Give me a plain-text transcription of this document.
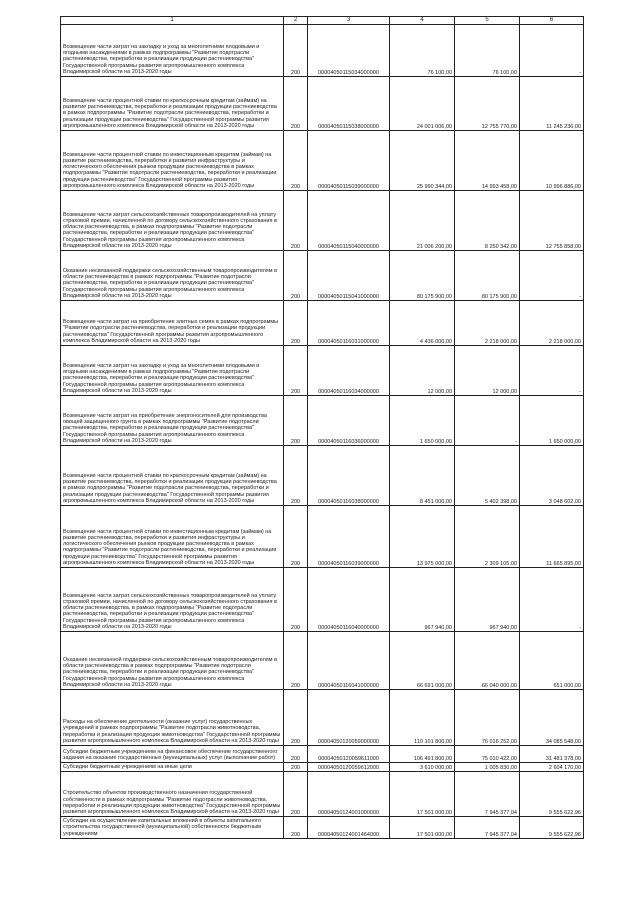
1	2	3	4	5	6
Возмещение части затрат на закладку и уход за многолетними плодовыми и ягодными насаждениями в рамках подпрограммы "Развитие подотрасли растениеводства, переработки и реализации продукции растениеводства" Государственной программы развития агропромышленного комплекса Владимирской области на 2013-2020 годы	200	00004050115034000000	76 100,00	76 100,00	-
Возмещение части процентной ставки по краткосрочным кредитам (займам) на развитие растениеводства, переработки и реализации продукции растениеводства в рамках подпрограммы "Развитие подотрасли растениеводства, переработки и реализации продукции растениеводства" Государственной программы развития агропромышленного комплекса Владимирской области на 2013-2020 годы	200	00004050115038000000	24 001 006,00	12 755 770,00	11 245 236,00
Возмещение части процентной ставки по инвестиционным кредитам (займам) на развитие растениеводства, переработки и развития инфраструктуры и логистического обеспечения рынков продукции растениеводства в рамках подпрограммы "Развитие подотрасли растениеводства, переработки и реализации продукции растениеводства" Государственной программы развития агропромышленного комплекса Владимирской области на 2013-2020 годы	200	00004050115039000000	25 990 344,00	14 993 458,00	10 996 886,00
Возмещение части затрат сельскохозяйственных товаропроизводителей на уплату страховой премии, начисленной по договору сельскохозяйственного страхования в области растениеводства, в рамках подпрограммы "Развитие подотрасли растениеводства, переработки и реализации продукции растениеводства" Государственной программы развития агропромышленного комплекса Владимирской области на 2013-2020 годы	200	00004050115040000000	21 006 200,00	8 250 342,00	12 755 858,00
Оказание несвязанной поддержки сельскохозяйственным товаропроизводителям в области растениеводства в рамках подпрограммы "Развитие подотрасли растениеводства, переработки и реализации продукции растениеводства" Государственной программы развития агропромышленного комплекса Владимирской области на 2013-2020 годы	200	00004050115041000000	80 175 900,00	80 175 900,00	-
Возмещение части затрат на приобретение элитных семян в рамках подпрограммы "Развитие подотрасли растениеводства, переработки и реализации продукции растениеводства" Государственной программы развития агропромышленного комплекса Владимирской области на 2013-2020 годы	200	00004050116031000000	4 436 000,00	2 218 000,00	2 218 000,00
Возмещение части затрат на закладку и уход за многолетними плодовыми и ягодными насаждениями в рамках подпрограммы "Развитие подотрасли растениеводства, переработки и реализации продукции растениеводства" Государственной программы развития агропромышленного комплекса Владимирской области на 2013-2020 годы	200	00004050116034000000	12 000,00	12 000,00	-
Возмещение части затрат на приобретение энергоносителей для производства овощей защищенного грунта в рамках подпрограммы "Развитие подотрасли растениеводства, переработки и реализации продукции растениеводства" Государственной программы развития агропромышленного комплекса Владимирской области на 2013-2020 годы	200	00004050116036000000	1 650 000,00	-	1 650 000,00
Возмещение части процентной ставки по краткосрочным кредитам (займам) на развитие растениеводства, переработки и реализации продукции растениеводства в рамках подпрограммы "Развитие подотрасли растениеводства, переработки и реализации продукции растениеводства" Государственной программы развития агропромышленного комплекса Владимирской области на 2013-2020 годы	200	00004050116038000000	8 451 000,00	5 402 398,00	3 048 602,00
Возмещение части процентной ставки по инвестиционным кредитам (займам) на развитие растениеводства, переработки и развития инфраструктуры и логистического обеспечения рынков продукции растениеводства в рамках подпрограммы "Развитие подотрасли растениеводства, переработки и реализации продукции растениеводства" Государственной программы развития агропромышленного комплекса Владимирской области на 2013-2020 годы	200	00004050116039000000	13 975 000,00	2 309 105,00	11 665 895,00
Возмещение части затрат сельскохозяйственных товаропроизводителей на уплату страховой премии, начисленной по договору сельскохозяйственного страхования в области растениеводства, в рамках подпрограммы "Развитие подотрасли растениеводства, переработки и реализации продукции растениеводства" Государственной программы развития агропромышленного комплекса Владимирской области на 2013-2020 годы	200	00004050116040000000	967 940,00	967 940,00	-
Оказание несвязанной поддержки сельскохозяйственным товаропроизводителям в области растениеводства в рамках подпрограммы "Развитие подотрасли растениеводства, переработки и реализации продукции растениеводства" Государственной программы развития агропромышленного комплекса Владимирской области на 2013-2020 годы	200	00004050116041000000	66 691 000,00	66 040 000,00	651 000,00
Расходы на обеспечение деятельности (оказание услуг) государственных учреждений в рамках подпрограммы "Развитие подотрасли животноводства, переработки и реализации продукции животноводства" Государственной программы развития агропромышленного комплекса Владимирской области на 2013-2020 годы	200	00004050120059000000	110 101 800,00	76 016 252,00	34 085 548,00
Субсидии бюджетным учреждениям на финансовое обеспечение государственного задания на оказание государственных (муниципальных) услуг (выполнение работ)	200	00004050120059611000	106 491 800,00	75 010 422,00	31 481 378,00
Субсидии бюджетным учреждениям на иные цели	200	00004050120059612000	3 610 000,00	1 005 830,00	2 604 170,00
Строительство объектов производственного назначения государственной собственности в рамках подпрограммы "Развитие подотрасли животноводства, переработки и реализации продукции животноводства" Государственной программы развития агропромышленного комплекса Владимирской области на 2013-2020 годы	200	00004050124001000000	17 501 000,00	7 945 377,04	9 555 622,96
Субсидии на осуществление капитальных вложений в объекты капитального строительства государственной (муниципальной) собственности бюджетным учреждениям	200	00004050124001464000	17 501 000,00	7 945 377,04	9 555 622,96
